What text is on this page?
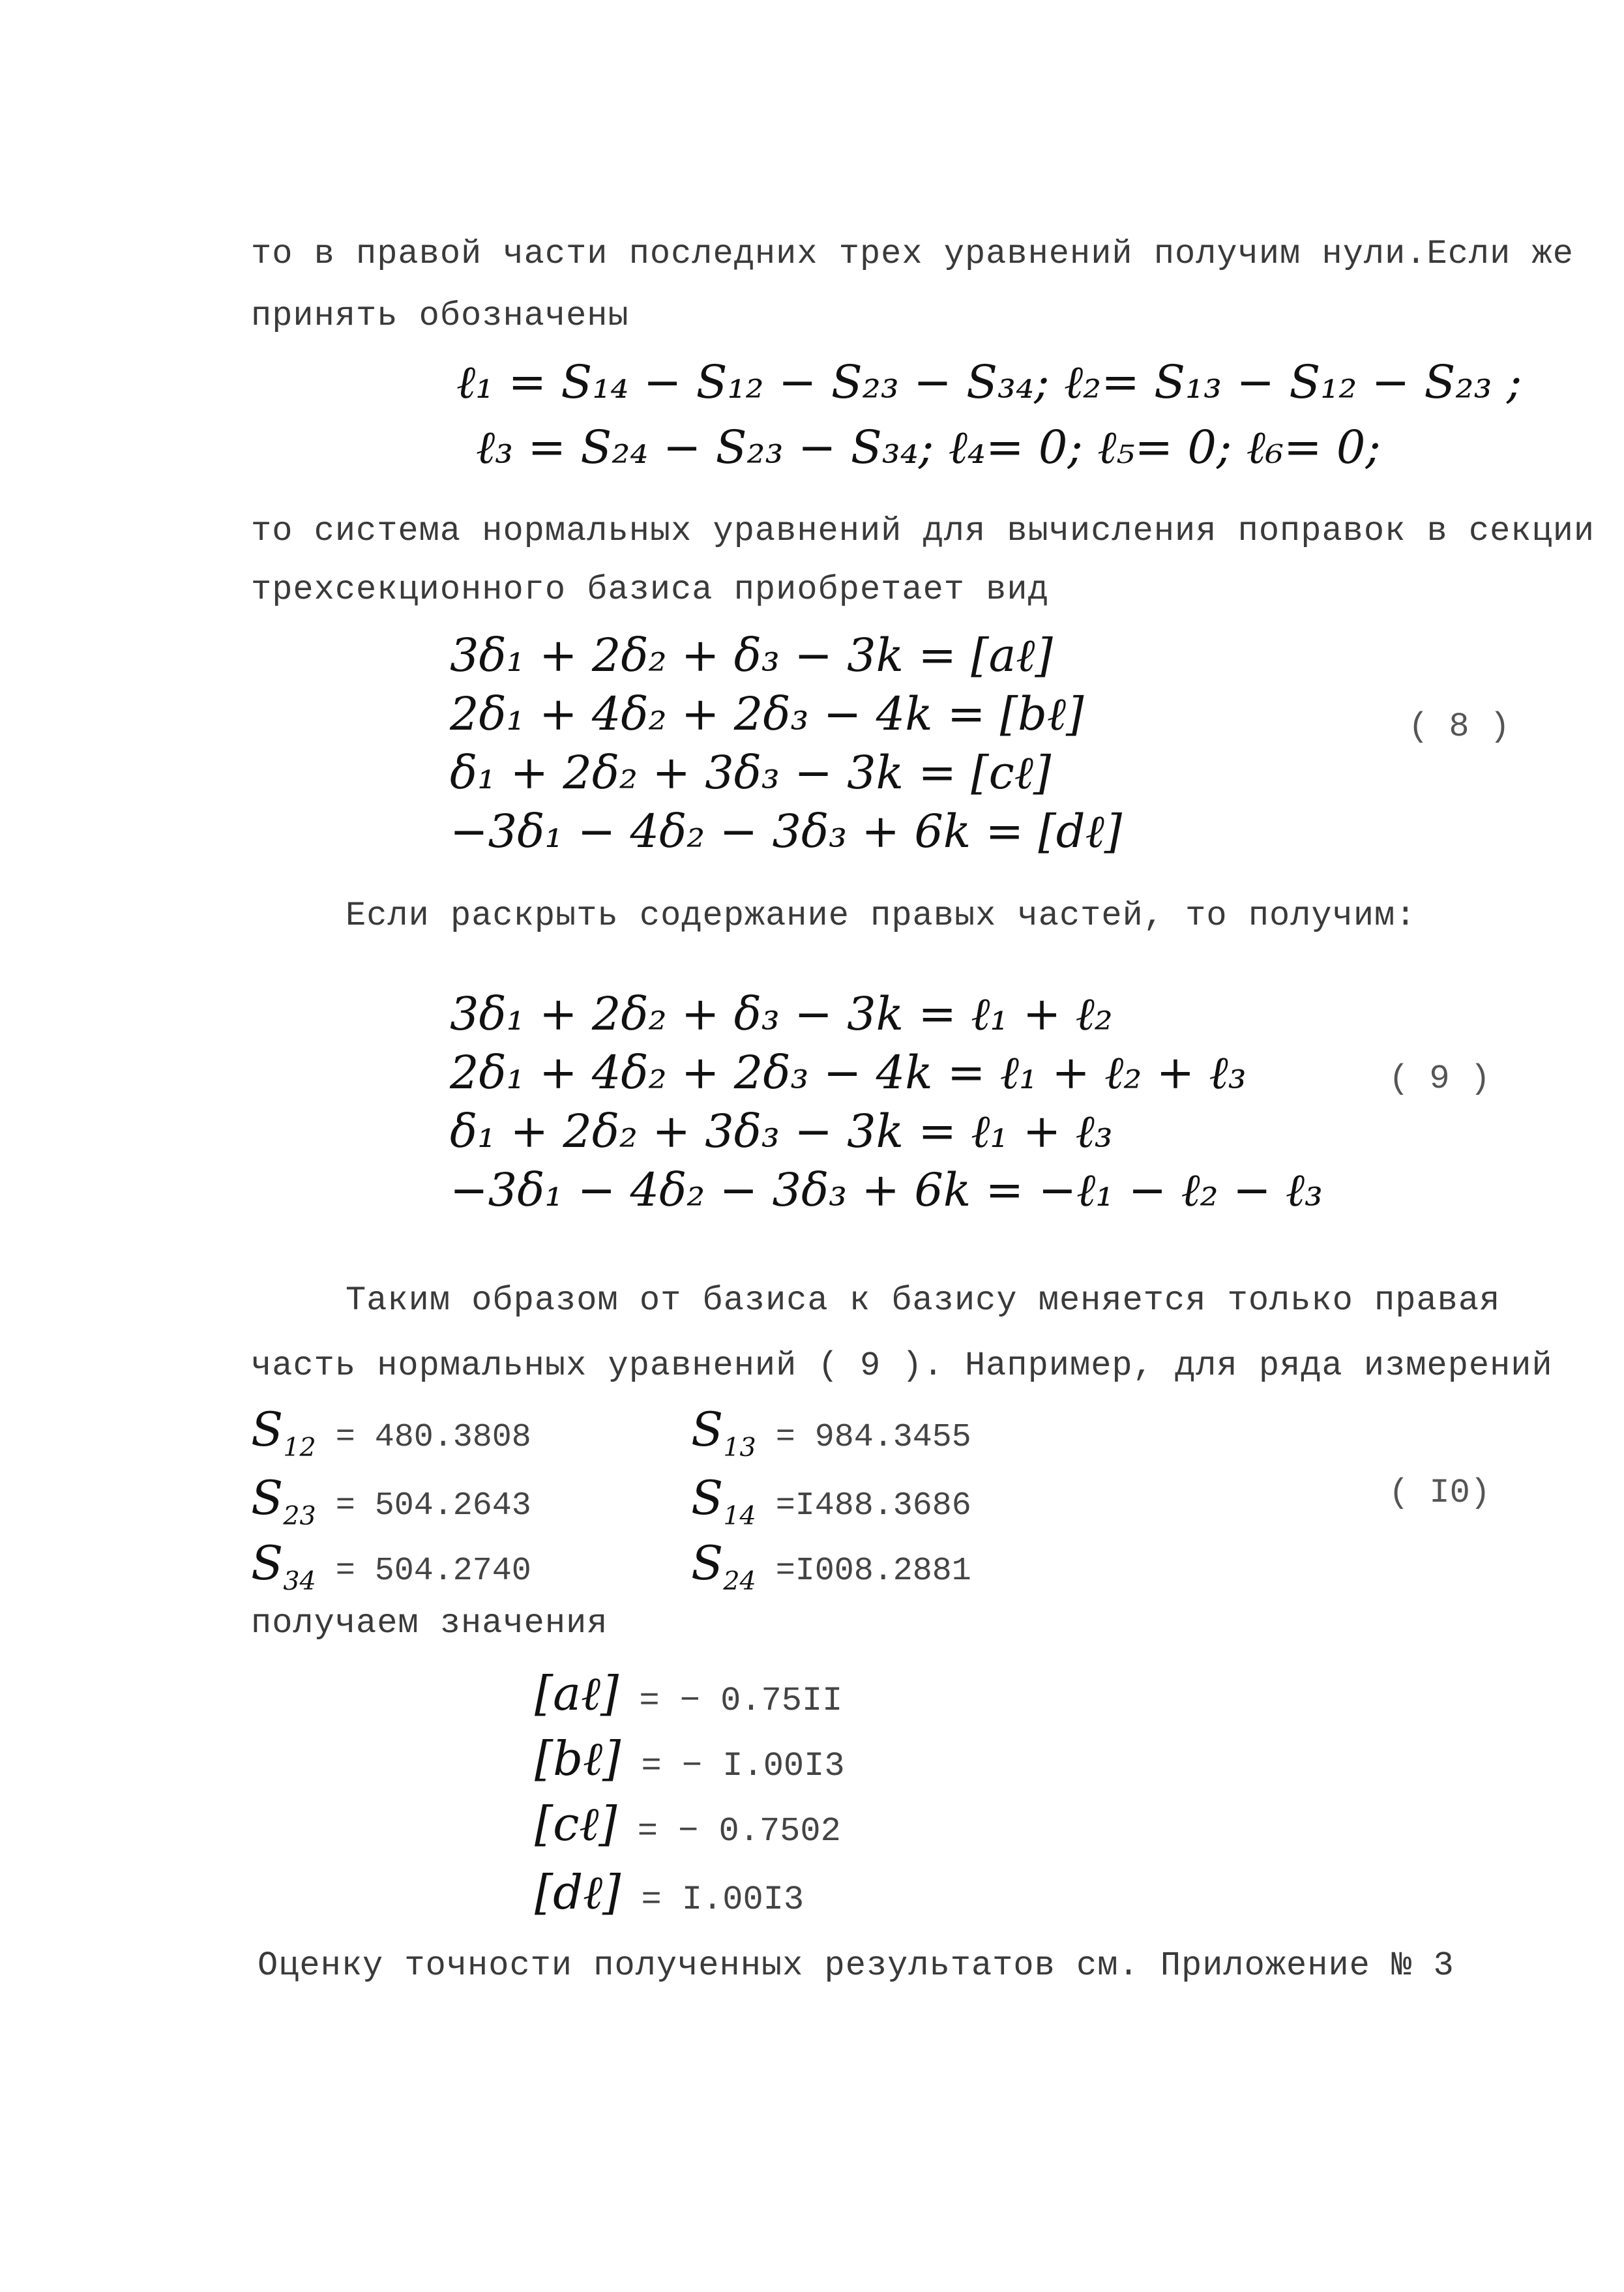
то в правой части последних трех уравнений получим нули.Если же
принять обозначены
ℓ₁ = S₁₄ − S₁₂ − S₂₃ − S₃₄; ℓ₂= S₁₃ − S₁₂ − S₂₃ ;
ℓ₃ = S₂₄ − S₂₃ − S₃₄; ℓ₄= 0; ℓ₅= 0; ℓ₆= 0;
то система нормальных уравнений для вычисления поправок в секции
трехсекционного базиса приобретает вид
3δ₁ + 2δ₂ + δ₃ − 3k = [aℓ]
2δ₁ + 4δ₂ + 2δ₃ − 4k = [bℓ]
δ₁ + 2δ₂ + 3δ₃ − 3k = [cℓ]
−3δ₁ − 4δ₂ − 3δ₃ + 6k = [dℓ]
( 8 )
Если раскрыть содержание правых частей, то получим:
3δ₁ + 2δ₂ + δ₃ − 3k = ℓ₁ + ℓ₂
2δ₁ + 4δ₂ + 2δ₃ − 4k = ℓ₁ + ℓ₂ + ℓ₃
δ₁ + 2δ₂ + 3δ₃ − 3k = ℓ₁ + ℓ₃
−3δ₁ − 4δ₂ − 3δ₃ + 6k = −ℓ₁ − ℓ₂ − ℓ₃
( 9 )
Таким образом от базиса к базису меняется только правая
часть нормальных уравнений ( 9 ). Например, для ряда измерений
$S_{12} = 480.3808$
$S_{23} = 504.2643$
$S_{34} = 504.2740$
$S_{13} = 984.3455$
$S_{14} =I488.3686$
$S_{24} =I008.2881$
( I0)
получаем значения
[aℓ] = − 0.75II
[bℓ] = − I.00I3
[cℓ] = − 0.7502
[dℓ] = I.00I3
Оценку точности полученных результатов см. Приложение № 3
